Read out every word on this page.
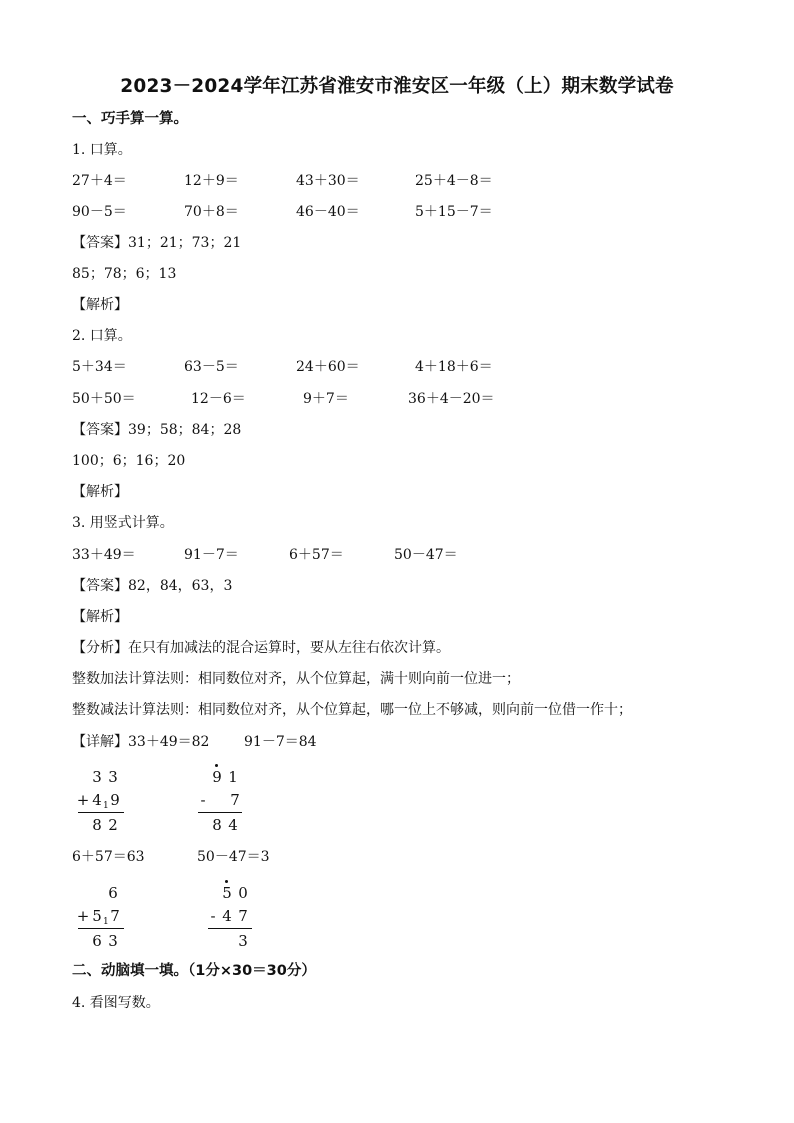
2023－2024学年江苏省淮安市淮安区一年级（上）期末数学试卷
一、巧手算一算。
1. 口算。
27＋4＝	12＋9＝	43＋30＝	25＋4－8＝
90－5＝	70＋8＝	46－40＝	5＋15－7＝
【答案】31；21；73；21
85；78；6；13
【解析】
2. 口算。
5＋34＝	63－5＝	24＋60＝	4＋18＋6＝
50＋50＝	12－6＝	9＋7＝	36＋4－20＝
【答案】39；58；84；28
100；6；16；20
【解析】
3. 用竖式计算。
33＋49＝	91－7＝	6＋57＝	50－47＝
【答案】82，84，63，3
【解析】
【分析】在只有加减法的混合运算时，要从左往右依次计算。
整数加法计算法则：相同数位对齐，从个位算起，满十则向前一位进一；
整数减法计算法则：相同数位对齐，从个位算起，哪一位上不够减，则向前一位借一作十；
【详解】33＋49＝82 91－7＝84
3 3
+ 4 1 9
8 2
9 1
- 7
8 4
6＋57＝63	50－47＝3
6
+ 5 1 7
6 3
5 0
- 4 7
3
二、动脑填一填。（1分×30＝30分）
4. 看图写数。
